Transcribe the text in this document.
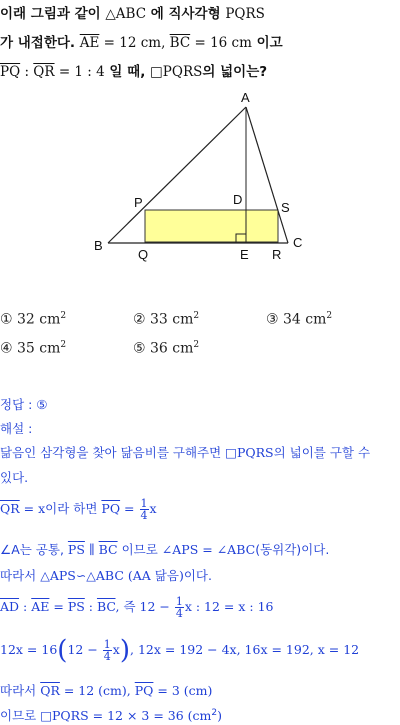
이래 그림과 같이 △ABC 에 직사각형 PQRS
가 내접한다. $\overline{AE} = 12$ cm, $\overline{BC} = 16$ cm 이고
$\overline{PQ}$ : $\overline{QR} = 1$ : 4 일 때, □PQRS의 넓이는?
A
B	C
D
E
P
Q	R
S
① 32 $cm^2$	② 33 $cm^2$	③ 34 $cm^2$
④ 35 $cm^2$	⑤ 36 $cm^2$
정답 : ⑤
해설 :
닮음인 삼각형을 찾아 닮음비를 구해주면 □PQRS의 넓이를 구할 수
있다.
$\overline{QR} = x$이라 하면 $\overline{PQ} = \frac{1}{4}$ x
∠A는 공통, $\overline{PS}$ ∥ $\overline{BC}$ 이므로 ∠APS = ∠ABC(동위각)이다.
따라서 △APS∽△ABC (AA 닮음)이다.
$\overline{AD}$ : $\overline{AE} = \overline{PS}$ : $\overline{BC}$, 즉 $12 - \frac{1}{4}$ x : 12 = x : 16
$12x = 16(12 - \frac{1}{4} x)$, 12x = 192 − 4x, 16x = 192, x = 12
따라서 $\overline{QR} = 12$ (cm), $\overline{PQ} = 3$ (cm)
이므로 □PQRS = 12 × 3 = 36 $(cm^2)$
